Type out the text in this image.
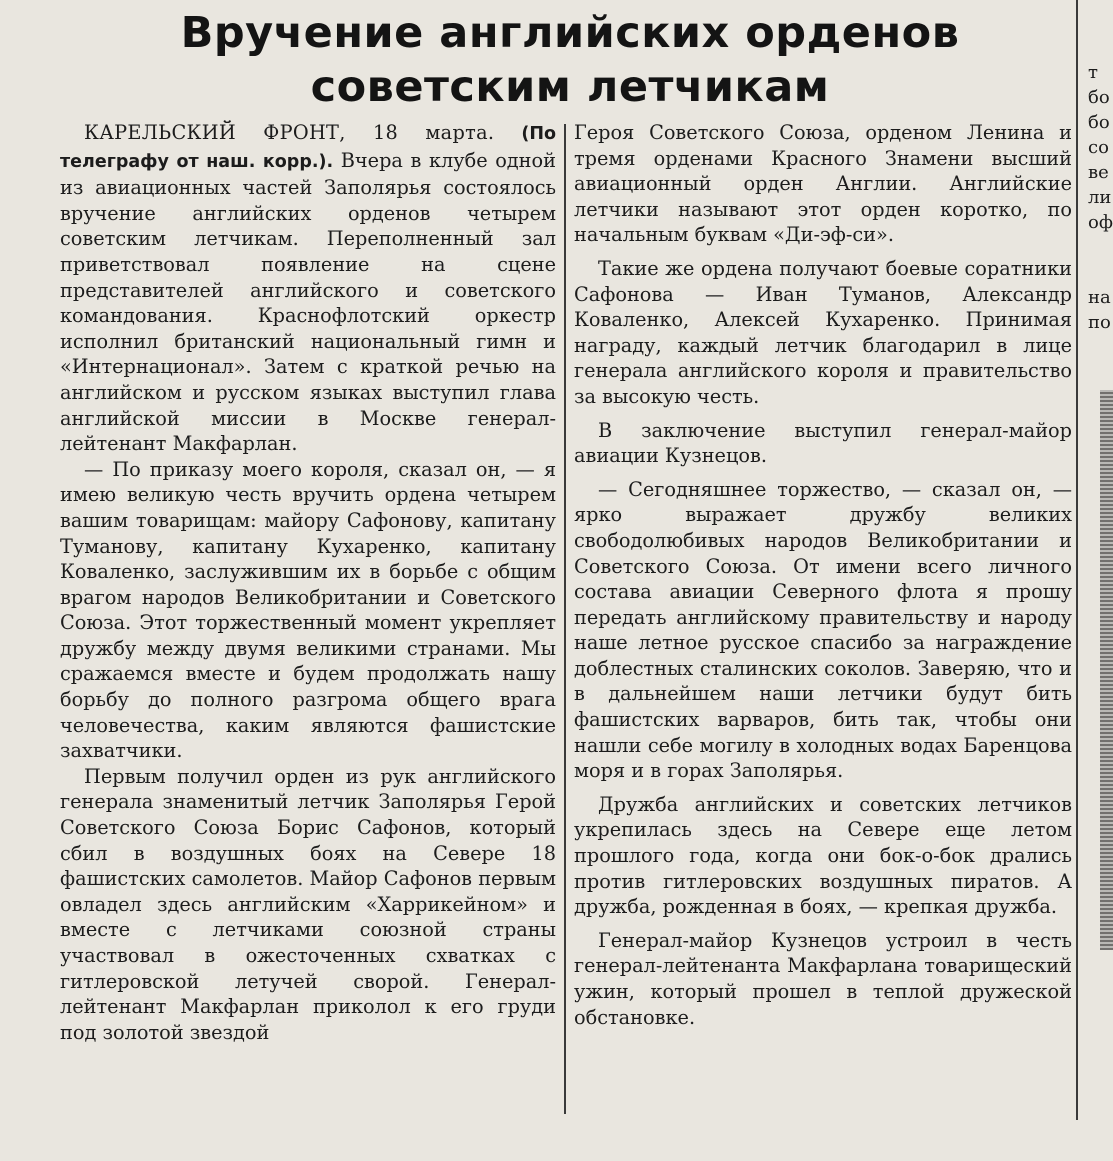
Вручение английских орденов
советским летчикам

КАРЕЛЬСКИЙ ФРОНТ, 18 марта. (По телеграфу от наш. корр.). Вчера в клубе одной из авиационных частей Заполярья состоялось вручение английских орденов четырем советским летчикам. Переполненный зал приветствовал появление на сцене представителей английского и советского командования. Краснофлотский оркестр исполнил британский национальный гимн и «Интернационал». Затем с краткой речью на английском и русском языках выступил глава английской миссии в Москве генерал-лейтенант Макфарлан.

— По приказу моего короля, сказал он, — я имею великую честь вручить ордена четырем вашим товарищам: майору Сафонову, капитану Туманову, капитану Кухаренко, капитану Коваленко, заслужившим их в борьбе с общим врагом народов Великобритании и Советского Союза. Этот торжественный момент укрепляет дружбу между двумя великими странами. Мы сражаемся вместе и будем продолжать нашу борьбу до полного разгрома общего врага человечества, каким являются фашистские захватчики.

Первым получил орден из рук английского генерала знаменитый летчик Заполярья Герой Советского Союза Борис Сафонов, который сбил в воздушных боях на Севере 18 фашистских самолетов. Майор Сафонов первым овладел здесь английским «Харрикейном» и вместе с летчиками союзной страны участвовал в ожесточенных схватках с гитлеровской летучей сворой. Генерал-лейтенант Макфарлан приколол к его груди под золотой звездой

Героя Советского Союза, орденом Ленина и тремя орденами Красного Знамени высший авиационный орден Англии. Английские летчики называют этот орден коротко, по начальным буквам «Ди-эф-си».

Такие же ордена получают боевые соратники Сафонова — Иван Туманов, Александр Коваленко, Алексей Кухаренко. Принимая награду, каждый летчик благодарил в лице генерала английского короля и правительство за высокую честь.

В заключение выступил генерал-майор авиации Кузнецов.

— Сегодняшнее торжество, — сказал он, — ярко выражает дружбу великих свободолюбивых народов Великобритании и Советского Союза. От имени всего личного состава авиации Северного флота я прошу передать английскому правительству и народу наше летное русское спасибо за награждение доблестных сталинских соколов. Заверяю, что и в дальнейшем наши летчики будут бить фашистских варваров, бить так, чтобы они нашли себе могилу в холодных водах Баренцова моря и в горах Заполярья.

Дружба английских и советских летчиков укрепилась здесь на Севере еще летом прошлого года, когда они бок-о-бок дрались против гитлеровских воздушных пиратов. А дружба, рожденная в боях, — крепкая дружба.

Генерал-майор Кузнецов устроил в честь генерал-лейтенанта Макфарлана товарищеский ужин, который прошел в теплой дружеской обстановке.

т
бо
бо
со
ве
ли
оф

на
по
